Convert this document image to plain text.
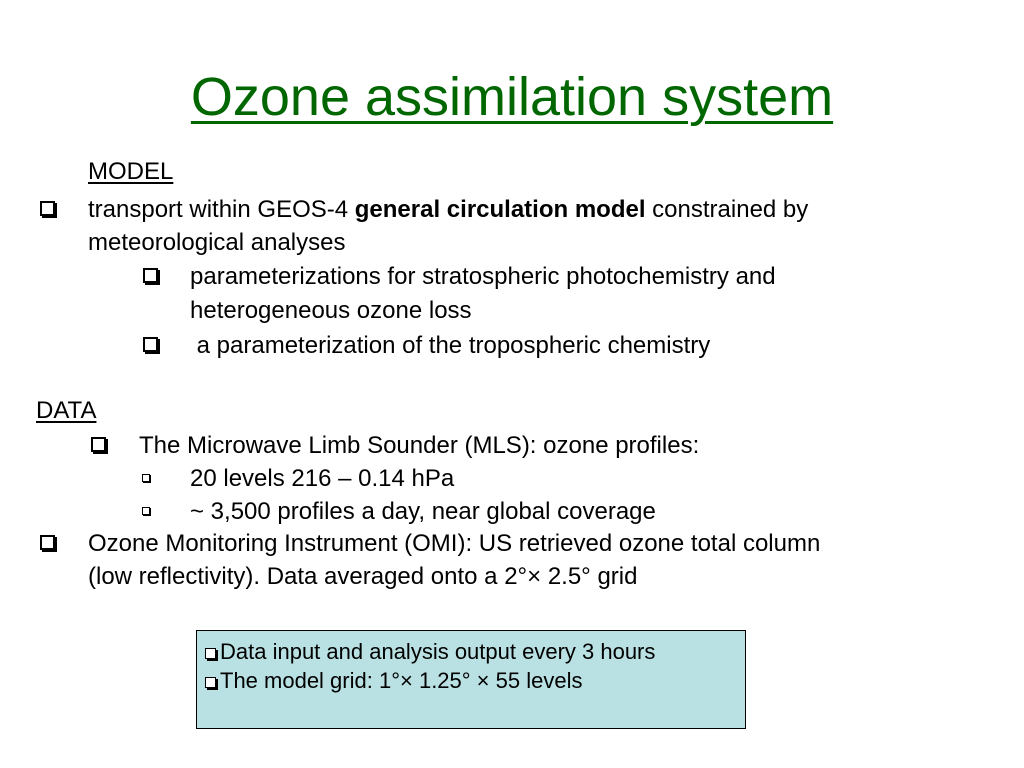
Ozone assimilation system
MODEL
transport within GEOS-4 general circulation model constrained by
meteorological analyses
parameterizations for stratospheric photochemistry and
heterogeneous ozone loss
a parameterization of the tropospheric chemistry
DATA
The Microwave Limb Sounder (MLS): ozone profiles:
20 levels 216 – 0.14 hPa
~ 3,500 profiles a day, near global coverage
Ozone Monitoring Instrument (OMI): US retrieved ozone total column
(low reflectivity). Data averaged onto a 2°× 2.5° grid
Data input and analysis output every 3 hours
The model grid: 1°× 1.25° × 55 levels
